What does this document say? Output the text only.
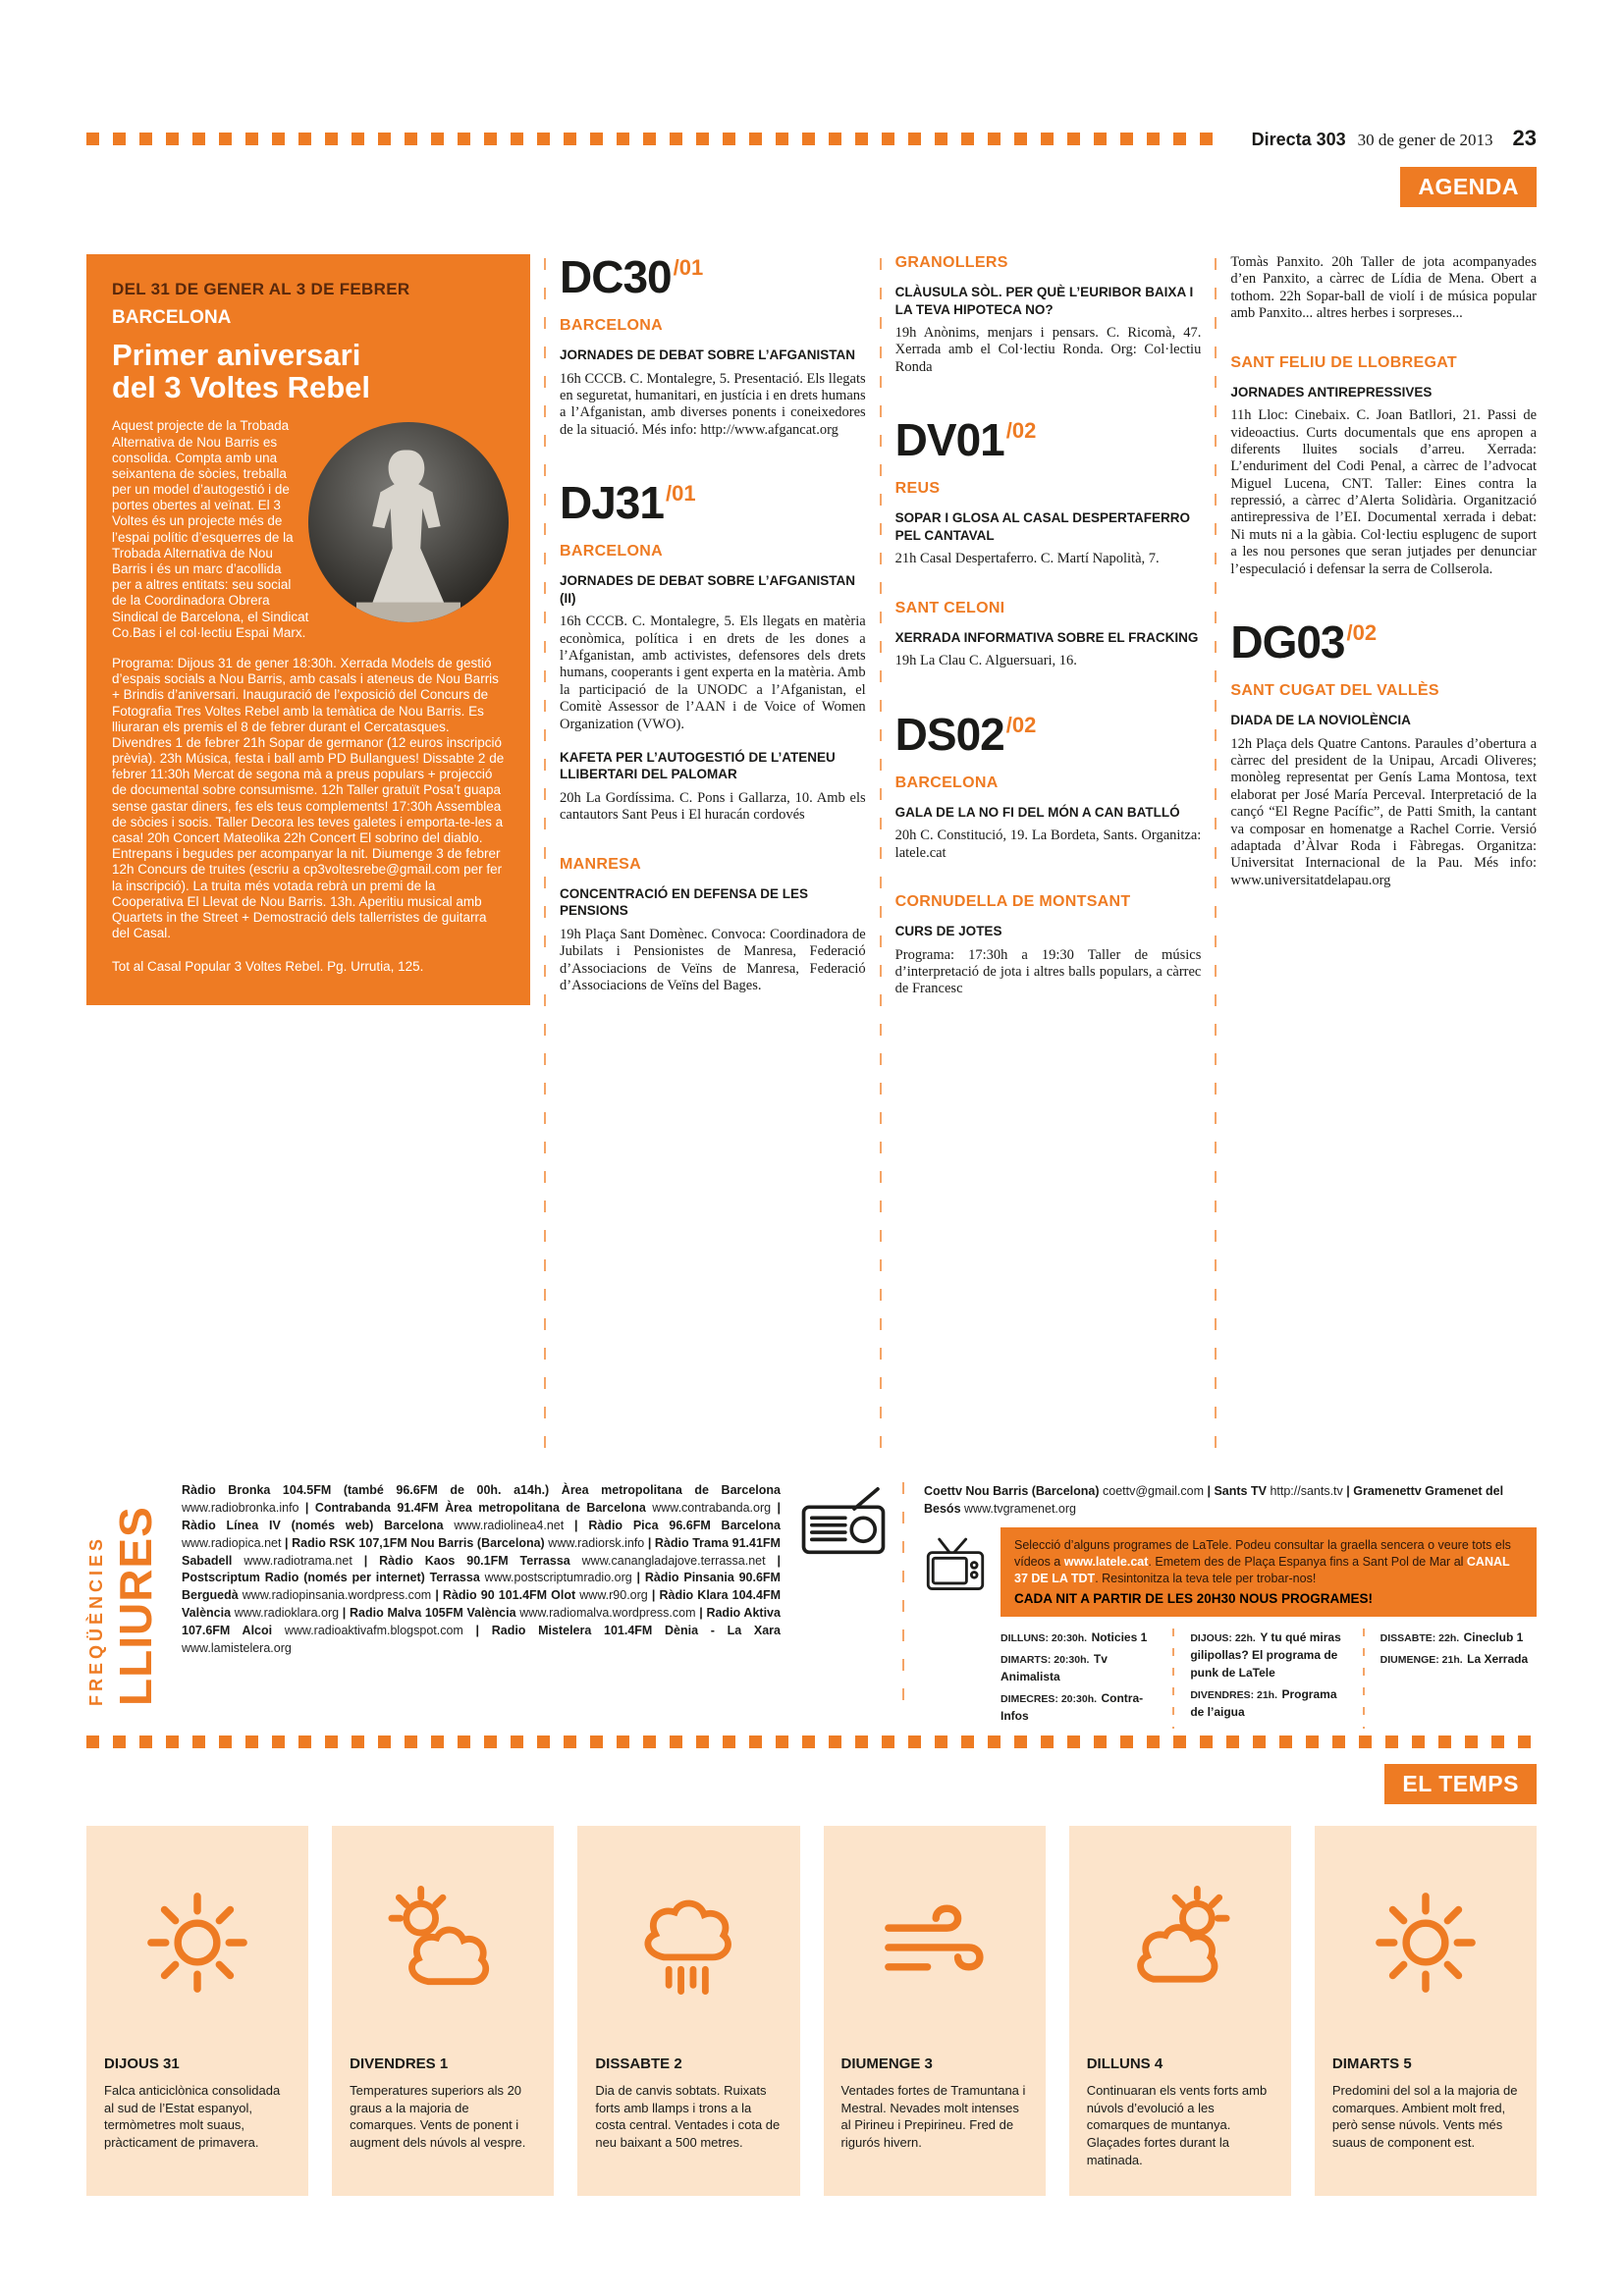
Directa 303 30 de gener de 2013 23
AGENDA
DEL 31 DE GENER AL 3 DE FEBRER
BARCELONA
Primer aniversari
del 3 Voltes Rebel

Aquest projecte de la Trobada Alternativa de Nou Barris es consolida. Compta amb una seixantena de sòcies, treballa per un model d’autogestió i de portes obertes al veïnat. El 3 Voltes és un projecte més de l’espai polític d’esquerres de la Trobada Alternativa de Nou Barris i és un marc d’acollida per a altres entitats: seu social de la Coordinadora Obrera Sindical de Barcelona, el Sindicat Co.Bas i el col·lectiu Espai Marx.

Programa: Dijous 31 de gener 18:30h. Xerrada Models de gestió d’espais socials a Nou Barris, amb casals i ateneus de Nou Barris + Brindis d’aniversari. Inauguració de l’exposició del Concurs de Fotografia Tres Voltes Rebel amb la temàtica de Nou Barris. Es lliuraran els premis el 8 de febrer durant el Cercatasques. Divendres 1 de febrer 21h Sopar de germanor (12 euros inscripció prèvia). 23h Música, festa i ball amb PD Bullangues! Dissabte 2 de febrer 11:30h Mercat de segona mà a preus populars + projecció de documental sobre consumisme. 12h Taller gratuït Posa’t guapa sense gastar diners, fes els teus complements! 17:30h Assemblea de sòcies i socis. Taller Decora les teves galetes i emporta-te-les a casa! 20h Concert Mateolika 22h Concert El sobrino del diablo. Entrepans i begudes per acompanyar la nit. Diumenge 3 de febrer 12h Concurs de truites (escriu a cp3voltesrebe@gmail.com per fer la inscripció). La truita més votada rebrà un premi de la Cooperativa El Llevat de Nou Barris. 13h. Aperitiu musical amb Quartets in the Street + Demostració dels tallerristes de guitarra del Casal.

Tot al Casal Popular 3 Voltes Rebel. Pg. Urrutia, 125.

$DC30^{/01}$
BARCELONA
JORNADES DE DEBAT SOBRE L’AFGANISTAN

16h CCCB. C. Montalegre, 5. Presentació. Els llegats en seguretat, humanitari, en justícia i en drets humans a l’Afganistan, amb diverses ponents i coneixedores de la situació. Més info: http://www.afgancat.org

$DJ31^{/01}$
BARCELONA
JORNADES DE DEBAT SOBRE L’AFGANISTAN (II)

16h CCCB. C. Montalegre, 5. Els llegats en matèria econòmica, política i en drets de les dones a l’Afganistan, amb activistes, defensores dels drets humans, cooperants i gent experta en la matèria. Amb la participació de la UNODC a l’Afganistan, el Comitè Assessor de l’AAN i de Voice of Women Organization (VWO).

KAFETA PER L’AUTOGESTIÓ DE L’ATENEU LLIBERTARI DEL PALOMAR

20h La Gordíssima. C. Pons i Gallarza, 10. Amb els cantautors Sant Peus i El huracán cordovés

MANRESA
CONCENTRACIÓ EN DEFENSA DE LES PENSIONS

19h Plaça Sant Domènec. Convoca: Coordinadora de Jubilats i Pensionistes de Manresa, Federació d’Associacions de Veïns de Manresa, Federació d’Associacions de Veïns del Bages.

GRANOLLERS
CLÀUSULA SÒL. PER QUÈ L’EURIBOR BAIXA I LA TEVA HIPOTECA NO?

19h Anònims, menjars i pensars. C. Ricomà, 47. Xerrada amb el Col·lectiu Ronda. Org: Col·lectiu Ronda

$DV01^{/02}$
REUS
SOPAR I GLOSA AL CASAL DESPERTAFERRO PEL CANTAVAL

21h Casal Despertaferro. C. Martí Napolità, 7.

SANT CELONI
XERRADA INFORMATIVA SOBRE EL FRACKING

19h La Clau C. Alguersuari, 16.

$DS02^{/02}$
BARCELONA
GALA DE LA NO FI DEL MÓN A CAN BATLLÓ

20h C. Constitució, 19. La Bordeta, Sants. Organitza: latele.cat

CORNUDELLA DE MONTSANT
CURS DE JOTES

Programa: 17:30h a 19:30 Taller de músics d’interpretació de jota i altres balls populars, a càrrec de Francesc

Tomàs Panxito. 20h Taller de jota acompanyades d’en Panxito, a càrrec de Lídia de Mena. Obert a tothom. 22h Sopar-ball de violí i de música popular amb Panxito... altres herbes i sorpreses...

SANT FELIU DE LLOBREGAT
JORNADES ANTIREPRESSIVES

11h Lloc: Cinebaix. C. Joan Batllori, 21. Passi de videoactius. Curts documentals que ens apropen a diferents lluites socials d’arreu. Xerrada: L’enduriment del Codi Penal, a càrrec de l’advocat Miguel Lucena, CNT. Taller: Eines contra la repressió, a càrrec d’Alerta Solidària. Organització antirepressiva de l’EI. Documental xerrada i debat: Ni muts ni a la gàbia. Col·lectiu esplugenc de suport a les nou persones que seran jutjades per denunciar l’especulació i defensar la serra de Collserola.

$DG03^{/02}$
SANT CUGAT DEL VALLÈS
DIADA DE LA NOVIOLÈNCIA

12h Plaça dels Quatre Cantons. Paraules d’obertura a càrrec del president de la Unipau, Arcadi Oliveres; monòleg representat per Genís Lama Montosa, text elaborat per José María Perceval. Interpretació de la cançó “El Regne Pacífic”, de Patti Smith, la cantant va composar en homenatge a Rachel Corrie. Versió adaptada d’Àlvar Roda i Fàbregas. Organitza: Universitat Internacional de la Pau. Més info: www.universitatdelapau.org

FREQÜÈNCIES LLIURES
Ràdio Bronka 104.5FM (també 96.6FM de 00h. a14h.) Àrea metropolitana de Barcelona www.radiobronka.info | Contrabanda 91.4FM Àrea metropolitana de Barcelona www.contrabanda.org | Ràdio Línea IV (només web) Barcelona www.radiolinea4.net | Ràdio Pica 96.6FM Barcelona www.radiopica.net | Radio RSK 107,1FM Nou Barris (Barcelona) www.radiorsk.info | Ràdio Trama 91.41FM Sabadell www.radiotrama.net | Ràdio Kaos 90.1FM Terrassa www.canangladajove.terrassa.net | Postscriptum Radio (només per internet) Terrassa www.postscriptumradio.org | Ràdio Pinsania 90.6FM Berguedà www.radiopinsania.wordpress.com | Ràdio 90 101.4FM Olot www.r90.org | Ràdio Klara 104.4FM València www.radioklara.org | Radio Malva 105FM València www.radiomalva.wordpress.com | Radio Aktiva 107.6FM Alcoi www.radioaktivafm.blogspot.com | Radio Mistelera 101.4FM Dènia - La Xara www.lamistelera.org
Coettv Nou Barris (Barcelona) coettv@gmail.com | Sants TV http://sants.tv | Gramenettv Gramenet del Besós www.tvgramenet.org
Selecció d’alguns programes de LaTele. Podeu consultar la graella sencera o veure tots els vídeos a www.latele.cat. Emetem des de Plaça Espanya fins a Sant Pol de Mar al CANAL 37 DE LA TDT. Resintonitza la teva tele per trobar-nos!
CADA NIT A PARTIR DE LES 20H30 NOUS PROGRAMES!
DILLUNS: 20:30h. Noticies 1
DIMARTS: 20:30h. Tv Animalista
DIMECRES: 20:30h. Contra-Infos
DIJOUS: 22h. Y tu qué miras gilipollas? El programa de punk de LaTele
DIVENDRES: 21h. Programa de l’aigua
DISSABTE: 22h. Cineclub 1
DIUMENGE: 21h. La Xerrada
EL TEMPS
DIJOUS 31
Falca anticiclònica consolidada al sud de l’Estat espanyol, termòmetres molt suaus, pràcticament de primavera.
DIVENDRES 1
Temperatures superiors als 20 graus a la majoria de comarques. Vents de ponent i augment dels núvols al vespre.
DISSABTE 2
Dia de canvis sobtats. Ruixats forts amb llamps i trons a la costa central. Ventades i cota de neu baixant a 500 metres.
DIUMENGE 3
Ventades fortes de Tramuntana i Mestral. Nevades molt intenses al Pirineu i Prepirineu. Fred de rigurós hivern.
DILLUNS 4
Continuaran els vents forts amb núvols d’evolució a les comarques de muntanya. Glaçades fortes durant la matinada.
DIMARTS 5
Predomini del sol a la majoria de comarques. Ambient molt fred, però sense núvols. Vents més suaus de component est.
